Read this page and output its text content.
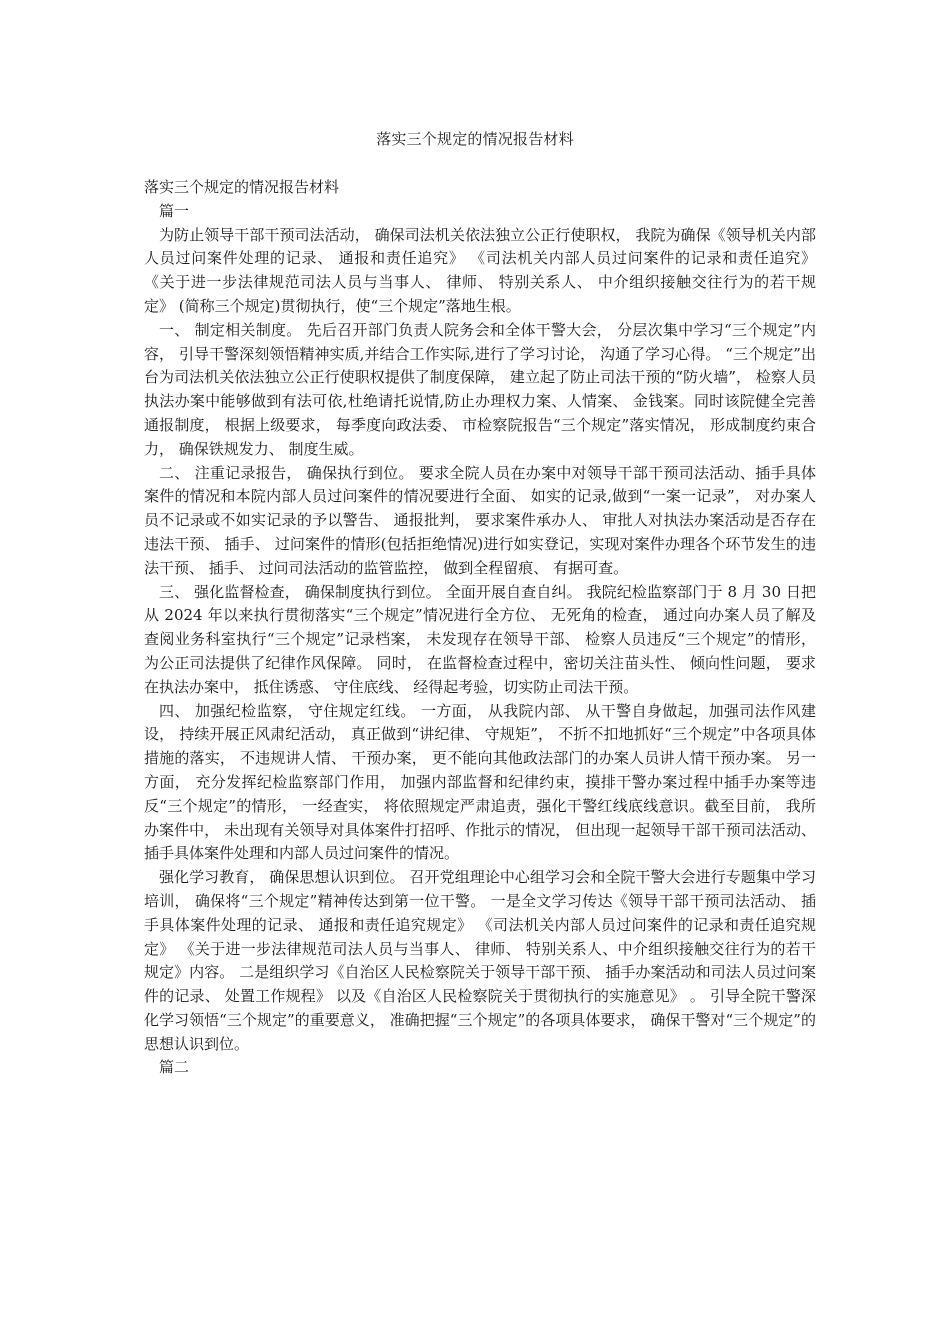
落实三个规定的情况报告材料

落实三个规定的情况报告材料

篇一

为防止领导干部干预司法活动， 确保司法机关依法独立公正行使职权， 我院为确保《领导机关内部人员过问案件处理的记录、 通报和责任追究》 《司法机关内部人员过问案件的记录和责任追究》 《关于进一步法律规范司法人员与当事人、 律师、 特别关系人、 中介组织接触交往行为的若干规定》 (简称三个规定)贯彻执行，使“三个规定”落地生根。

一、 制定相关制度。 先后召开部门负责人院务会和全体干警大会， 分层次集中学习“三个规定”内容， 引导干警深刻领悟精神实质,并结合工作实际,进行了学习讨论， 沟通了学习心得。 “三个规定”出台为司法机关依法独立公正行使职权提供了制度保障， 建立起了防止司法干预的“防火墙”， 检察人员执法办案中能够做到有法可依,杜绝请托说情,防止办理权力案、人情案、 金钱案。同时该院健全完善通报制度， 根据上级要求， 每季度向政法委、 市检察院报告“三个规定”落实情况， 形成制度约束合力， 确保铁规发力、 制度生威。

二、 注重记录报告， 确保执行到位。 要求全院人员在办案中对领导干部干预司法活动、插手具体案件的情况和本院内部人员过问案件的情况要进行全面、 如实的记录,做到“一案一记录”， 对办案人员不记录或不如实记录的予以警告、 通报批判， 要求案件承办人、 审批人对执法办案活动是否存在违法干预、 插手、 过问案件的情形(包括拒绝情况)进行如实登记，实现对案件办理各个环节发生的违法干预、 插手、 过问司法活动的监管监控， 做到全程留痕、 有据可查。

三、 强化监督检查， 确保制度执行到位。 全面开展自查自纠。 我院纪检监察部门于 8 月 30 日把从 2024 年以来执行贯彻落实“三个规定”情况进行全方位、 无死角的检查， 通过向办案人员了解及查阅业务科室执行“三个规定”记录档案， 未发现存在领导干部、 检察人员违反“三个规定”的情形， 为公正司法提供了纪律作风保障。 同时， 在监督检查过程中，密切关注苗头性、 倾向性问题， 要求在执法办案中， 抵住诱惑、 守住底线、 经得起考验，切实防止司法干预。

四、 加强纪检监察， 守住规定红线。 一方面， 从我院内部、 从干警自身做起，加强司法作风建设， 持续开展正风肃纪活动， 真正做到“讲纪律、 守规矩”， 不折不扣地抓好“三个规定”中各项具体措施的落实， 不违规讲人情、 干预办案， 更不能向其他政法部门的办案人员讲人情干预办案。 另一方面， 充分发挥纪检监察部门作用， 加强内部监督和纪律约束，摸排干警办案过程中插手办案等违反“三个规定”的情形， 一经查实， 将依照规定严肃追责，强化干警红线底线意识。截至目前， 我所办案件中， 未出现有关领导对具体案件打招呼、作批示的情况， 但出现一起领导干部干预司法活动、 插手具体案件处理和内部人员过问案件的情况。

强化学习教育， 确保思想认识到位。 召开党组理论中心组学习会和全院干警大会进行专题集中学习培训， 确保将“三个规定”精神传达到第一位干警。 一是全文学习传达《领导干部干预司法活动、 插手具体案件处理的记录、 通报和责任追究规定》 《司法机关内部人员过问案件的记录和责任追究规定》 《关于进一步法律规范司法人员与当事人、 律师、 特别关系人、中介组织接触交往行为的若干规定》内容。 二是组织学习《自治区人民检察院关于领导干部干预、 插手办案活动和司法人员过问案件的记录、 处置工作规程》 以及《自治区人民检察院关于贯彻执行的实施意见》 。 引导全院干警深化学习领悟“三个规定”的重要意义， 准确把握“三个规定”的各项具体要求， 确保干警对“三个规定”的思想认识到位。

篇二
